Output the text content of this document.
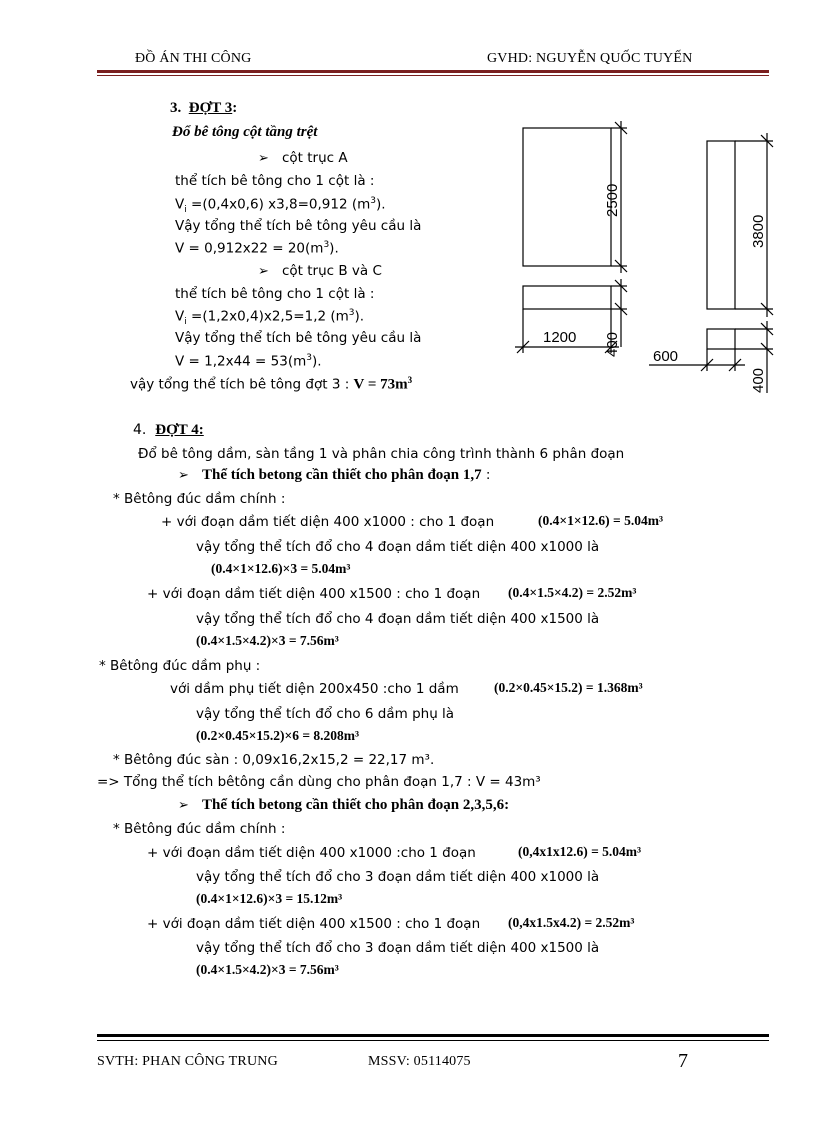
ĐỒ ÁN THI CÔNG	GVHD: NGUYỄN QUỐC TUYẾN
3. ĐỢT 3:
Đổ bê tông cột tầng trệt
➢ cột trục A
thể tích bê tông cho 1 cột là :
$V_i =(0,4x0,6)$ x3,8=0,912 $(m^3)$.
Vậy tổng thể tích bê tông yêu cầu là
$V = 0,912x22 = 20(m^3)$.
➢ cột trục B và C
thể tích bê tông cho 1 cột là :
$V_i =(1,2x0,4)x2,5=1,2$ $(m^3)$.
Vậy tổng thể tích bê tông yêu cầu là
$V = 1,2x44 = 53(m^3)$.
vậy tổng thể tích bê tông đợt 3 : $V = 73m^3$
2500
3800
1200 400 600
400
4. ĐỢT 4:
Đổ bê tông dầm, sàn tầng 1 và phân chia công trình thành 6 phân đoạn
➢ Thể tích betong cần thiết cho phân đoạn 1,7 :
* Bêtông đúc dầm chính :
+ với đoạn dầm tiết diện 400 x1000 : cho 1 đoạn	(0.4×1×12.6) = 5.04m³
vậy tổng thể tích đổ cho 4 đoạn dầm tiết diện 400 x1000 là
(0.4×1×12.6)×3 = 5.04m³
+ với đoạn dầm tiết diện 400 x1500 : cho 1 đoạn (0.4×1.5×4.2) = 2.52m³
vậy tổng thể tích đổ cho 4 đoạn dầm tiết diện 400 x1500 là
(0.4×1.5×4.2)×3 = 7.56m³
* Bêtông đúc dầm phụ :
với dầm phụ tiết diện 200x450 :cho 1 dầm	(0.2×0.45×15.2) = 1.368m³
vậy tổng thể tích đổ cho 6 dầm phụ là
(0.2×0.45×15.2)×6 = 8.208m³
* Bêtông đúc sàn : 0,09x16,2x15,2 = 22,17 m³.
=> Tổng thể tích bêtông cần dùng cho phân đoạn 1,7 : V = 43m³
➢ Thể tích betong cần thiết cho phân đoạn 2,3,5,6:
* Bêtông đúc dầm chính :
+ với đoạn dầm tiết diện 400 x1000 :cho 1 đoạn	(0,4x1x12.6) = 5.04m³
vậy tổng thể tích đổ cho 3 đoạn dầm tiết diện 400 x1000 là
(0.4×1×12.6)×3 = 15.12m³
+ với đoạn dầm tiết diện 400 x1500 : cho 1 đoạn (0,4x1.5x4.2) = 2.52m³
vậy tổng thể tích đổ cho 3 đoạn dầm tiết diện 400 x1500 là
(0.4×1.5×4.2)×3 = 7.56m³
SVTH: PHAN CÔNG TRUNG	MSSV: 05114075	7
